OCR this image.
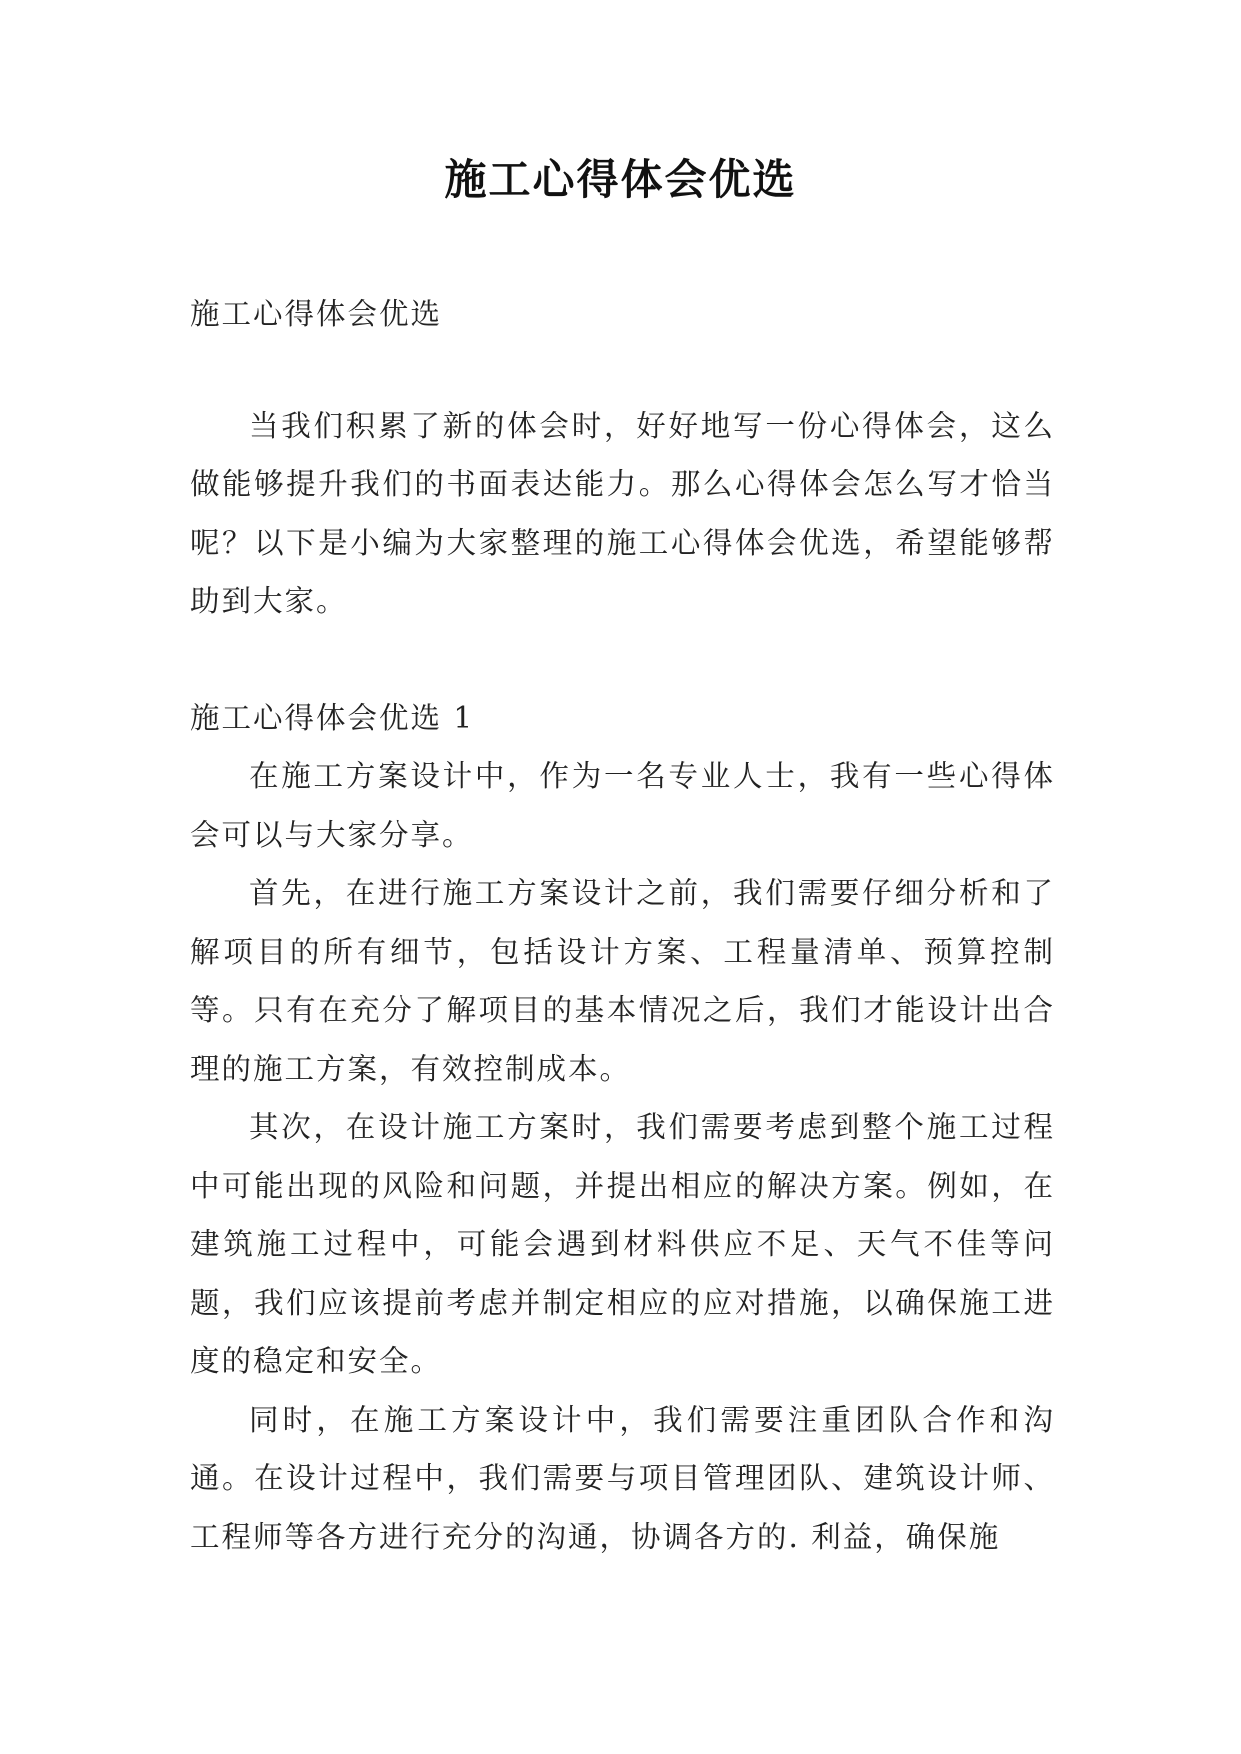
施工心得体会优选

施工心得体会优选

当我们积累了新的体会时，好好地写一份心得体会，这么做能够提升我们的书面表达能力。那么心得体会怎么写才恰当呢？以下是小编为大家整理的施工心得体会优选，希望能够帮助到大家。

施工心得体会优选 1

在施工方案设计中，作为一名专业人士，我有一些心得体会可以与大家分享。

首先，在进行施工方案设计之前，我们需要仔细分析和了解项目的所有细节，包括设计方案、工程量清单、预算控制等。只有在充分了解项目的基本情况之后，我们才能设计出合理的施工方案，有效控制成本。

其次，在设计施工方案时，我们需要考虑到整个施工过程中可能出现的风险和问题，并提出相应的解决方案。例如，在建筑施工过程中，可能会遇到材料供应不足、天气不佳等问题，我们应该提前考虑并制定相应的应对措施，以确保施工进度的稳定和安全。

同时，在施工方案设计中，我们需要注重团队合作和沟通。在设计过程中，我们需要与项目管理团队、建筑设计师、工程师等各方进行充分的沟通，协调各方的. 利益，确保施
